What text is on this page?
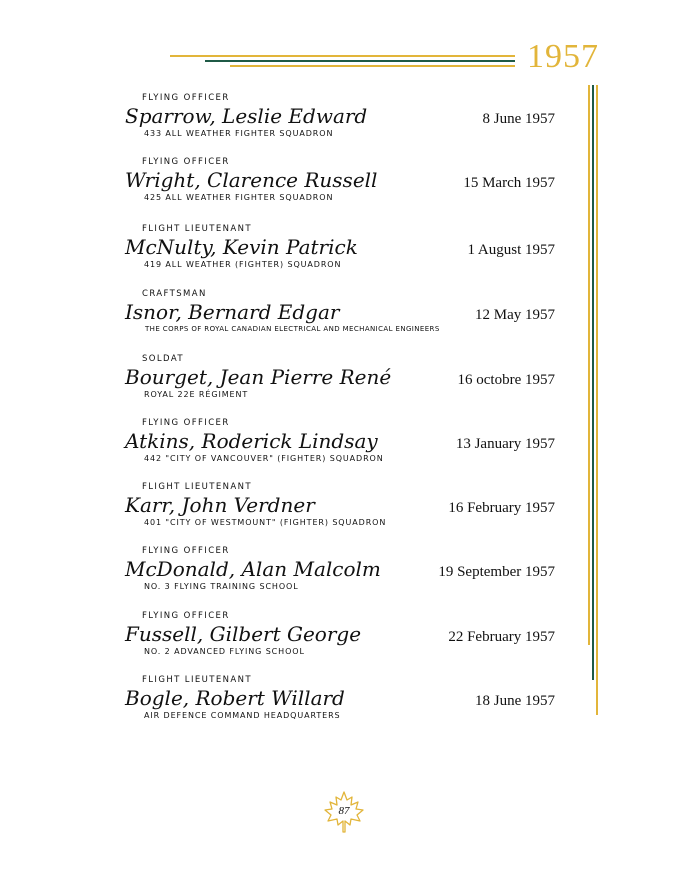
1957
FLYING OFFICER
Sparrow, Leslie Edward	8 June 1957
433 ALL WEATHER FIGHTER SQUADRON
FLYING OFFICER
Wright, Clarence Russell	15 March 1957
425 ALL WEATHER FIGHTER SQUADRON
FLIGHT LIEUTENANT
McNulty, Kevin Patrick	1 August 1957
419 ALL WEATHER (FIGHTER) SQUADRON
CRAFTSMAN
Isnor, Bernard Edgar	12 May 1957
THE CORPS OF ROYAL CANADIAN ELECTRICAL AND MECHANICAL ENGINEERS
SOLDAT
Bourget, Jean Pierre René	16 octobre 1957
ROYAL 22E RÉGIMENT
FLYING OFFICER
Atkins, Roderick Lindsay	13 January 1957
442 "CITY OF VANCOUVER" (FIGHTER) SQUADRON
FLIGHT LIEUTENANT
Karr, John Verdner	16 February 1957
401 "CITY OF WESTMOUNT" (FIGHTER) SQUADRON
FLYING OFFICER
McDonald, Alan Malcolm	19 September 1957
NO. 3 FLYING TRAINING SCHOOL
FLYING OFFICER
Fussell, Gilbert George	22 February 1957
NO. 2 ADVANCED FLYING SCHOOL
FLIGHT LIEUTENANT
Bogle, Robert Willard	18 June 1957
AIR DEFENCE COMMAND HEADQUARTERS
87
